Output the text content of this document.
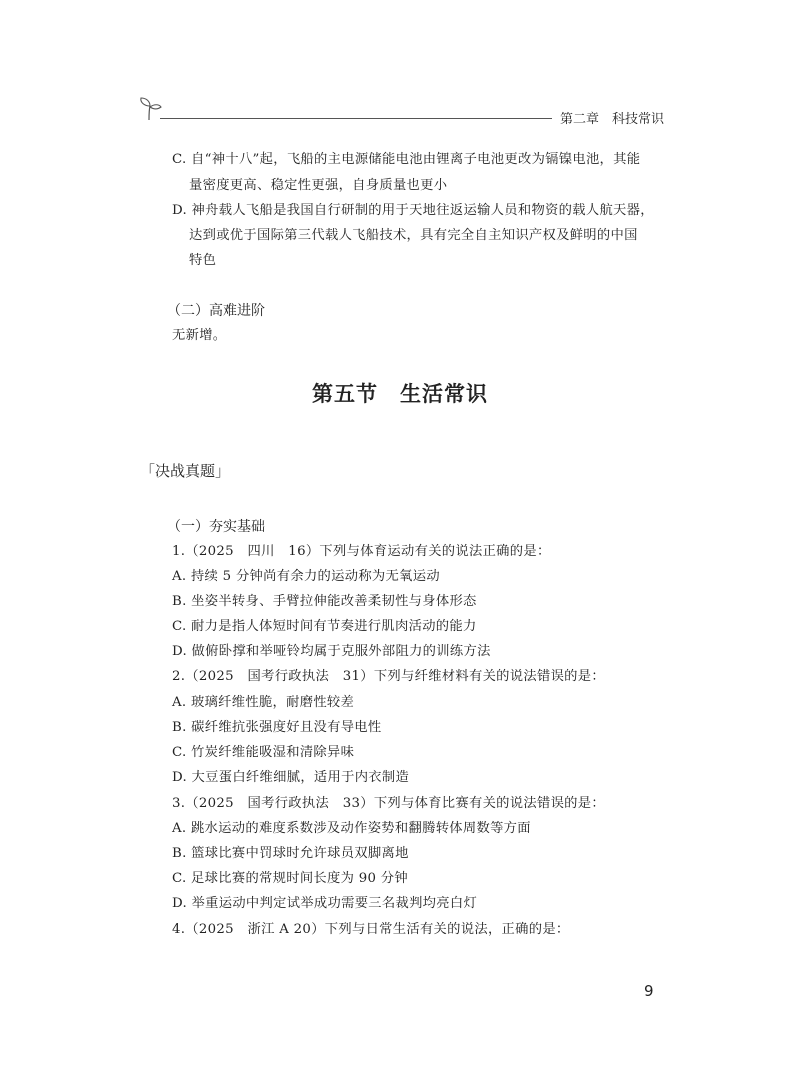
第二章　科技常识
C. 自“神十八”起，飞船的主电源储能电池由锂离子电池更改为镉镍电池，其能
量密度更高、稳定性更强，自身质量也更小
D. 神舟载人飞船是我国自行研制的用于天地往返运输人员和物资的载人航天器，
达到或优于国际第三代载人飞船技术，具有完全自主知识产权及鲜明的中国
特色
（二）高难进阶
无新增。
第五节　生活常识
「决战真题」
（一）夯实基础
1.（2025　四川　16）下列与体育运动有关的说法正确的是：
A. 持续 5 分钟尚有余力的运动称为无氧运动
B. 坐姿半转身、手臂拉伸能改善柔韧性与身体形态
C. 耐力是指人体短时间有节奏进行肌肉活动的能力
D. 做俯卧撑和举哑铃均属于克服外部阻力的训练方法
2.（2025　国考行政执法　31）下列与纤维材料有关的说法错误的是：
A. 玻璃纤维性脆，耐磨性较差
B. 碳纤维抗张强度好且没有导电性
C. 竹炭纤维能吸湿和清除异味
D. 大豆蛋白纤维细腻，适用于内衣制造
3.（2025　国考行政执法　33）下列与体育比赛有关的说法错误的是：
A. 跳水运动的难度系数涉及动作姿势和翻腾转体周数等方面
B. 篮球比赛中罚球时允许球员双脚离地
C. 足球比赛的常规时间长度为 90 分钟
D. 举重运动中判定试举成功需要三名裁判均亮白灯
4.（2025　浙江 A 20）下列与日常生活有关的说法，正确的是：
9
